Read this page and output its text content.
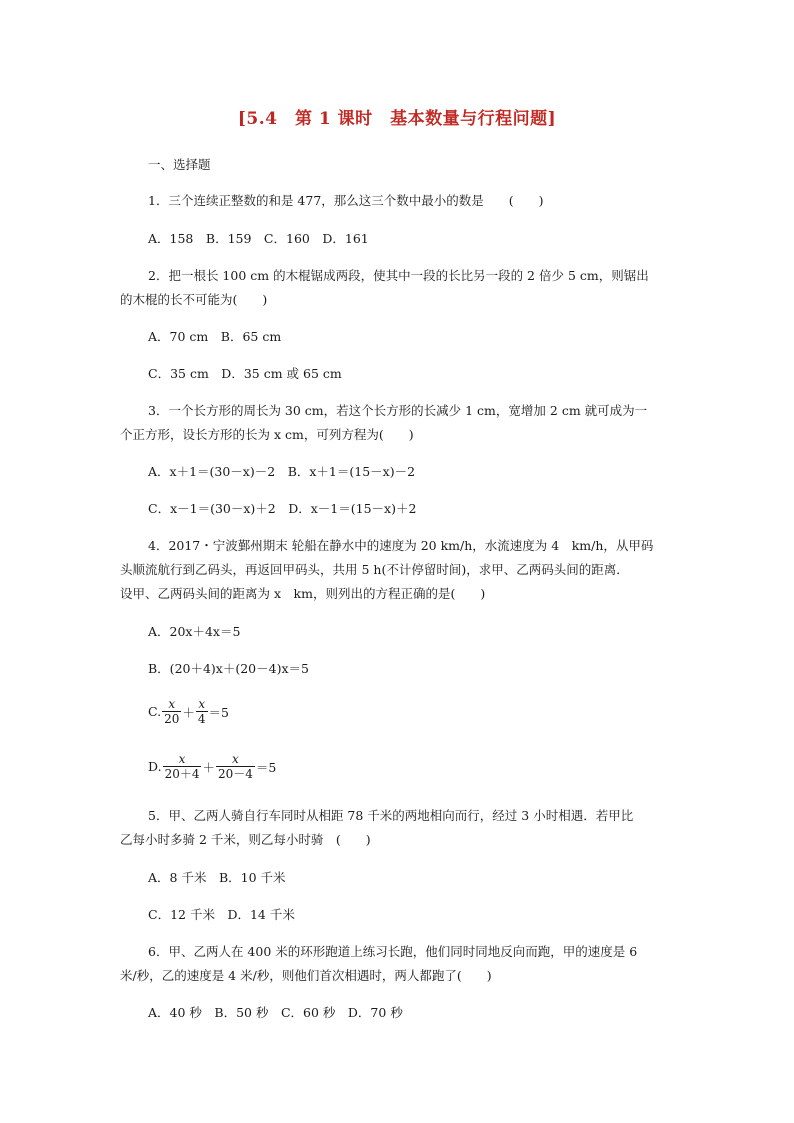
[5.4　第 1 课时　基本数量与行程问题]
一、选择题
1．三个连续正整数的和是 477，那么这三个数中最小的数是　　(　　)
A．158　B．159　C．160　D．161
2．把一根长 100 cm 的木棍锯成两段，使其中一段的长比另一段的 2 倍少 5 cm，则锯出
的木棍的长不可能为(　　)
A．70 cm　B．65 cm
C．35 cm　D．35 cm 或 65 cm
3．一个长方形的周长为 30 cm，若这个长方形的长减少 1 cm，宽增加 2 cm 就可成为一
个正方形，设长方形的长为 x cm，可列方程为(　　)
A．x＋1＝(30－x)－2　B．x＋1＝(15－x)－2
C．x－1＝(30－x)＋2　D．x－1＝(15－x)＋2
4．2017・宁波鄞州期末 轮船在静水中的速度为 20 km/h，水流速度为 4　km/h，从甲码
头顺流航行到乙码头，再返回甲码头，共用 5 h(不计停留时间)，求甲、乙两码头间的距离．
设甲、乙两码头间的距离为 x　km，则列出的方程正确的是(　　)
A．20x＋4x＝5
B．(20＋4)x＋(20－4)x＝5
C. $\frac{x}{20} + \frac{x}{4} =5$
D. $\frac{x}{20+4} + \frac{x}{20-4} =5$
5．甲、乙两人骑自行车同时从相距 78 千米的两地相向而行，经过 3 小时相遇．若甲比
乙每小时多骑 2 千米，则乙每小时骑　(　　)
A．8 千米　B．10 千米
C．12 千米　D．14 千米
6．甲、乙两人在 400 米的环形跑道上练习长跑，他们同时同地反向而跑，甲的速度是 6
米/秒，乙的速度是 4 米/秒，则他们首次相遇时，两人都跑了(　　)
A．40 秒　B．50 秒　C．60 秒　D．70 秒
